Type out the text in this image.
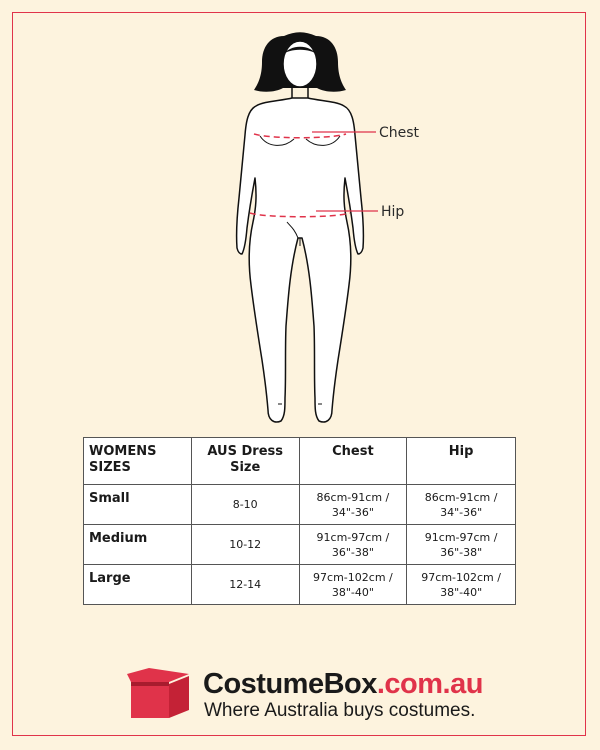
Chest
Hip
WOMENS SIZES	AUS Dress Size	Chest	Hip
Small	8-10	86cm-91cm / 34"-36"	86cm-91cm / 34"-36"
Medium	10-12	91cm-97cm / 36"-38"	91cm-97cm / 36"-38"
Large	12-14	97cm-102cm / 38"-40"	97cm-102cm / 38"-40"
CostumeBox.com.au
Where Australia buys costumes.
